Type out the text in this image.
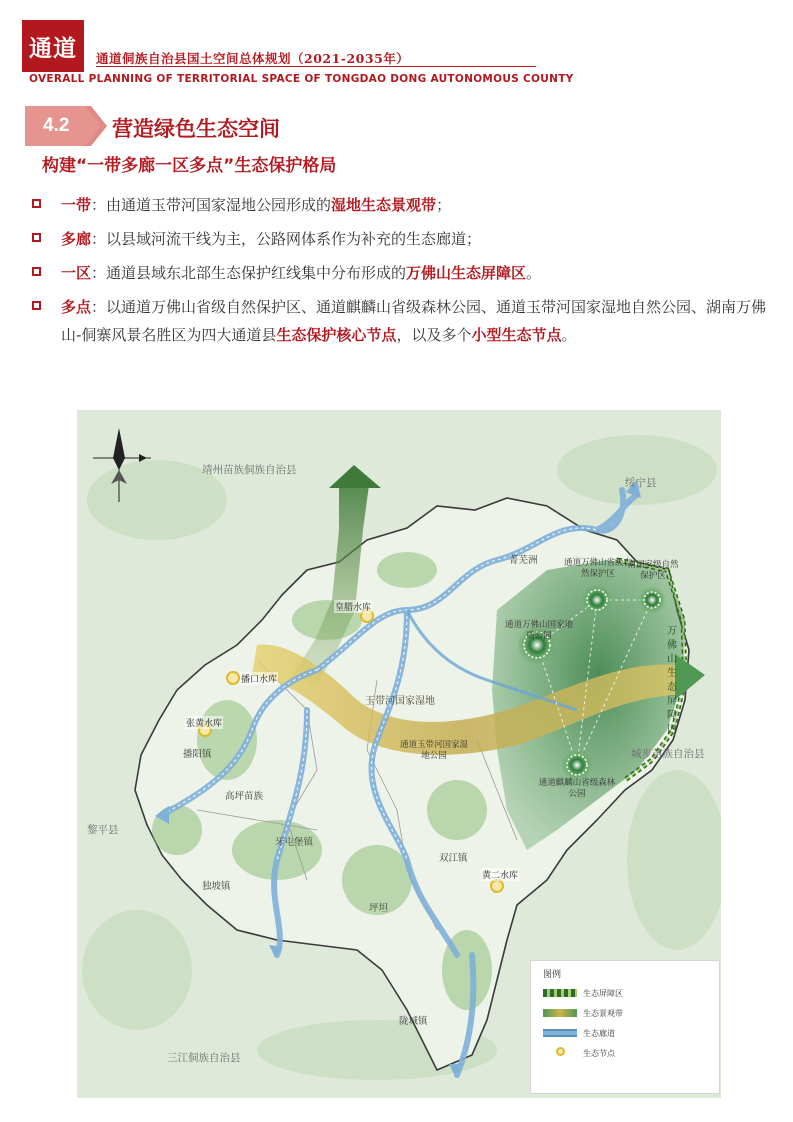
通道	通道侗族自治县国土空间总体规划（2021-2035年）

OVERALL PLANNING OF TERRITORIAL SPACE OF TONGDAO DONG AUTONOMOUS COUNTY

4.2 营造绿色生态空间
构建“一带多廊一区多点”生态保护格局
一带：由通道玉带河国家湿地公园形成的湿地生态景观带；
多廊：以县域河流干线为主，公路网体系作为补充的生态廊道；
一区：通道县域东北部生态保护红线集中分布形成的万佛山生态屏障区。
多点：以通道万佛山省级自然保护区、通道麒麟山省级森林公园、通道玉带河国家湿地自然公园、湖南万佛山-侗寨风景名胜区为四大通道县生态保护核心节点，以及多个小型生态节点。
靖州苗族侗族自治县
绥宁县
城步苗族自治县
黎平县
三江侗族自治县
播阳镇
高坪苗族
牙屯堡镇
独坡镇
双江镇
坪坦
陇城镇
菁芜洲
皇腊水库
播口水库
张黄水库
黄二水库
通道万佛山省级自然保护区
通道万佛山国家地质公园
南国家级自然保护区
通道玉带河国家湿地公园
通道麒麟山省级森林公园
万佛山生态屏障区
玉带河国家湿地

图例

生态屏障区
生态景观带
生态廊道
生态节点
